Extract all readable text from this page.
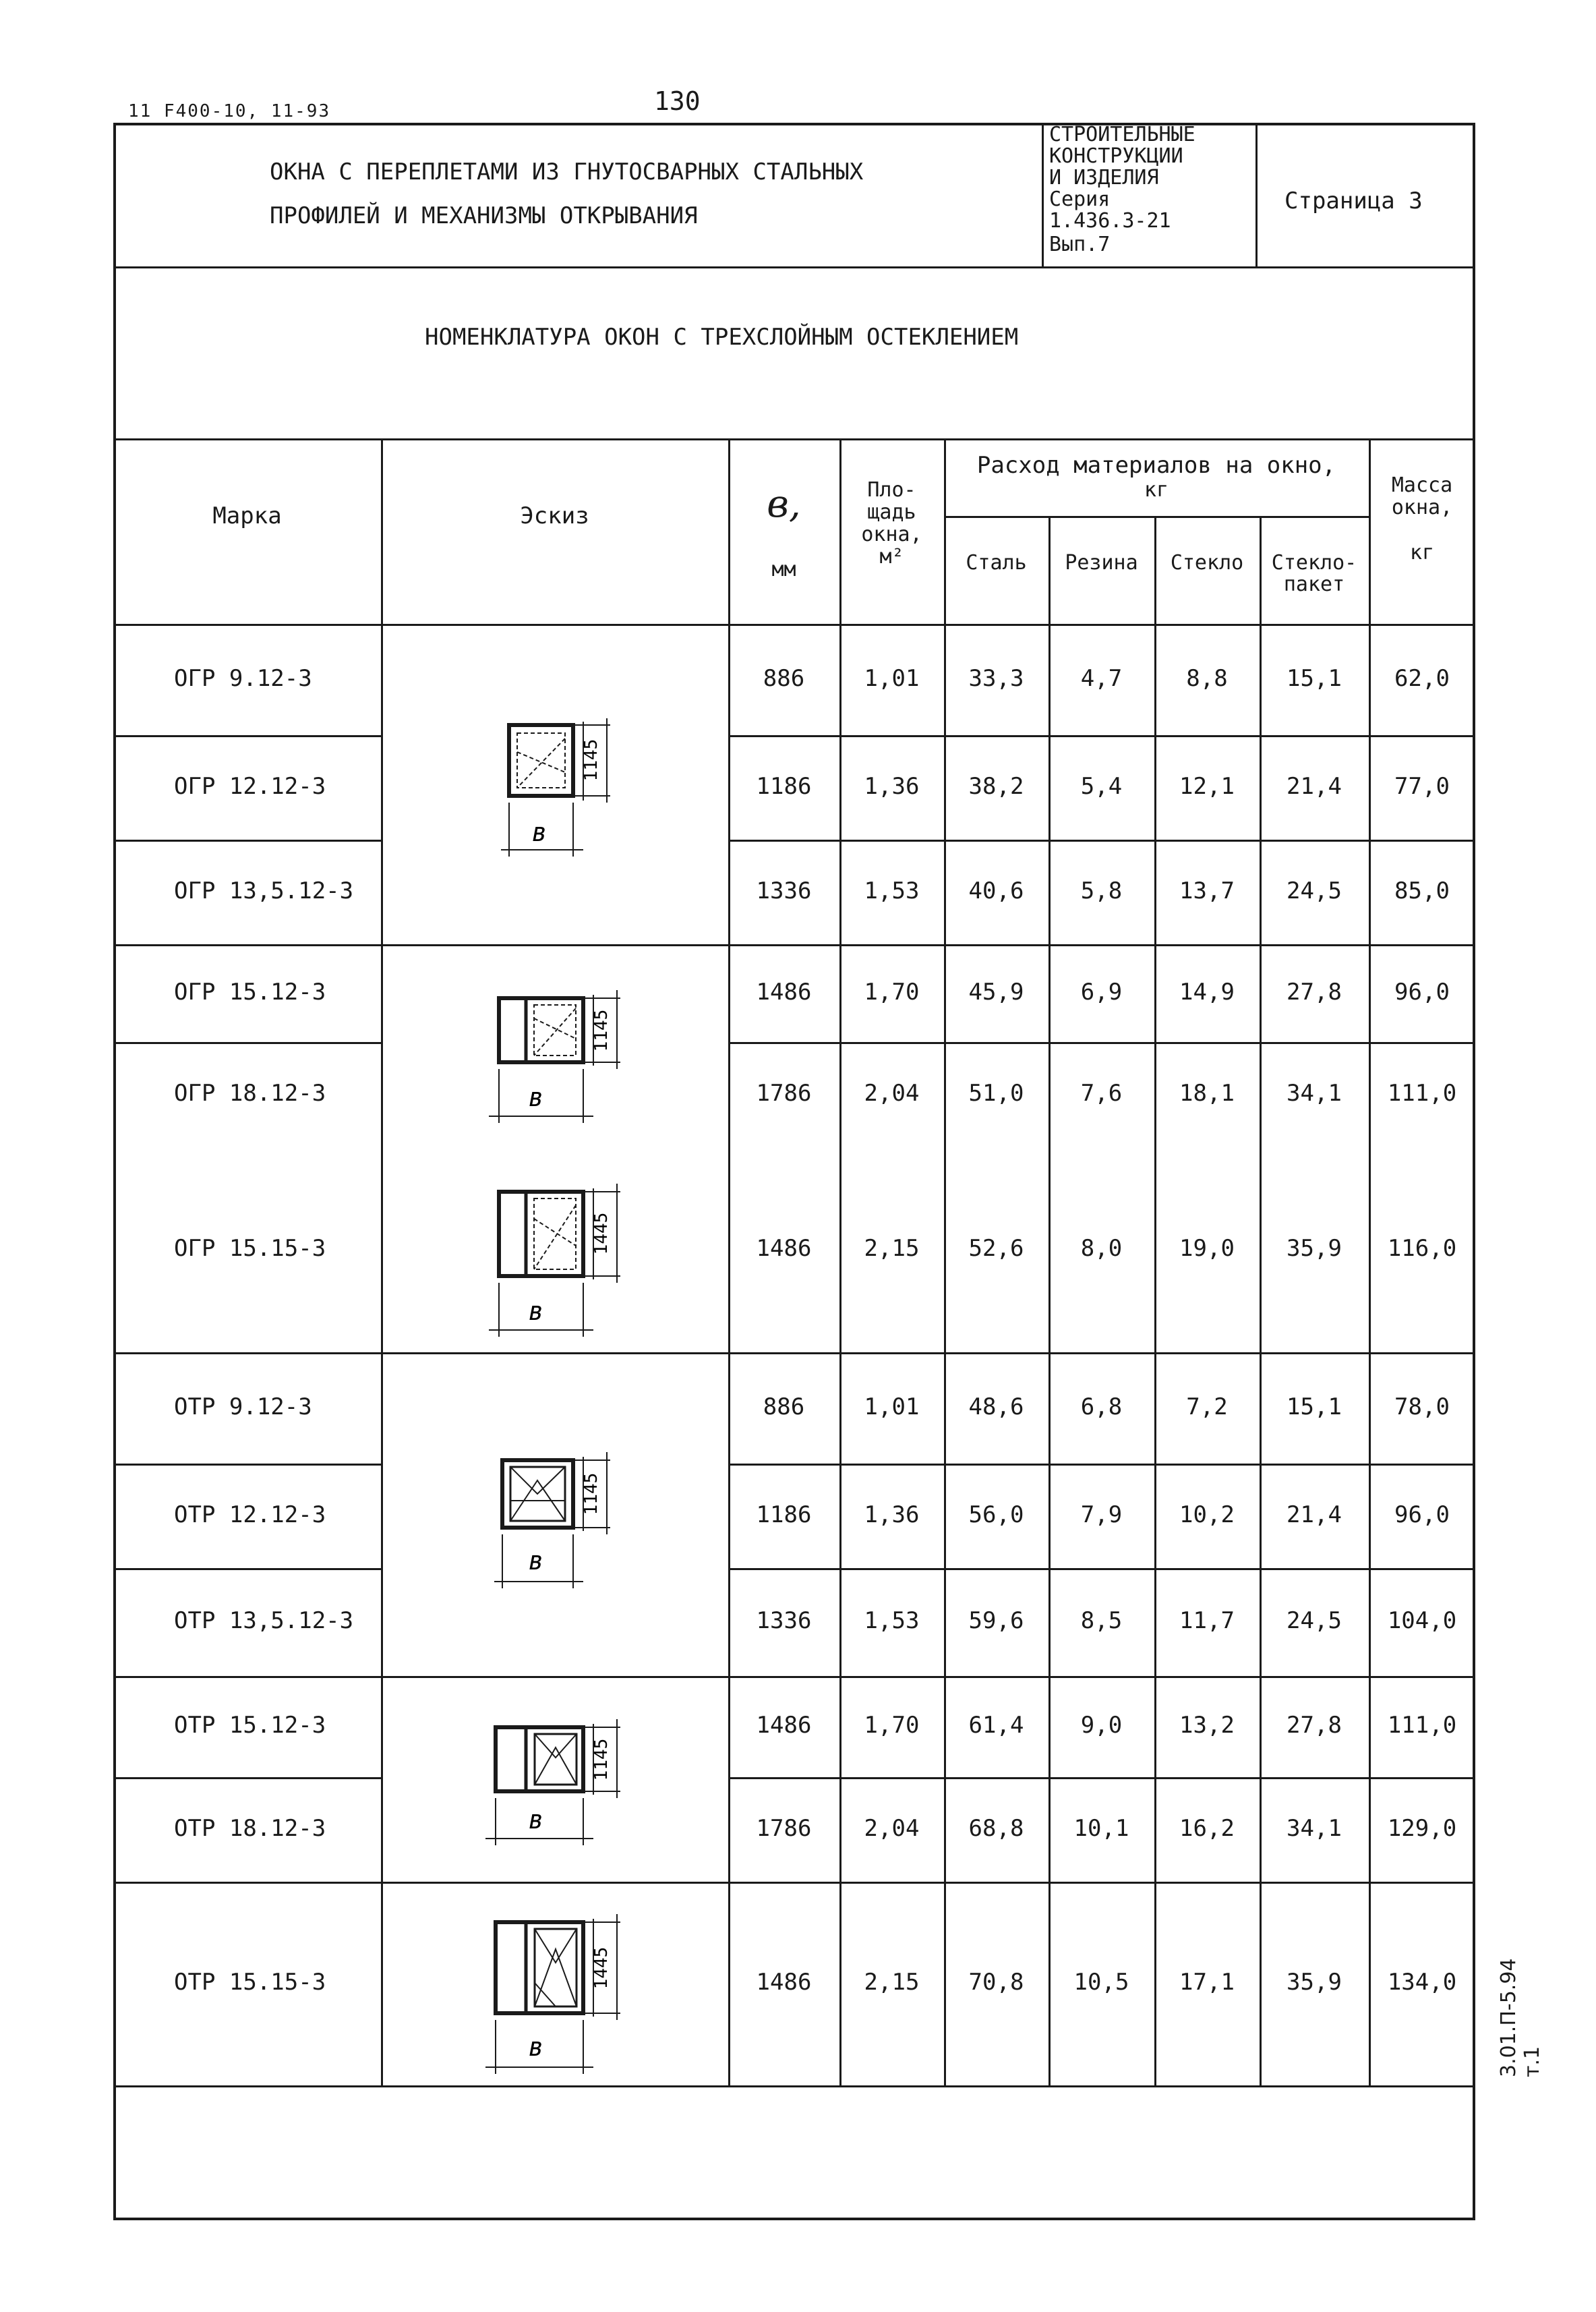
130
11 F400-10, 11-93
ОКНА С ПЕРЕПЛЕТАМИ ИЗ ГНУТОСВАРНЫХ СТАЛЬНЫХ
ПРОФИЛЕЙ И МЕХАНИЗМЫ ОТКРЫВАНИЯ
СТРОИТЕЛЬНЫЕ
КОНСТРУКЦИИ
И ИЗДЕЛИЯ
Серия
1.436.3-21
Вып.7
Страница 3
НОМЕНКЛАТУРА ОКОН С ТРЕХСЛОЙНЫМ ОСТЕКЛЕНИЕМ
Марка	Эскиз	в,
мм
Пло-
щадь
окна,
м²
Расход материалов на окно,
кг
Сталь	Резина	Стекло	Стекло-
пакет
Масса
окна,
кг
ОГР 9.12-3	886	1,01	33,3	4,7	8,8	15,1	62,0
ОГР 12.12-3	1186	1,36	38,2	5,4	12,1	21,4	77,0
ОГР 13,5.12-3	1336	1,53	40,6	5,8	13,7	24,5	85,0
ОГР 15.12-3	1486	1,70	45,9	6,9	14,9	27,8	96,0
ОГР 18.12-3	1786	2,04	51,0	7,6	18,1	34,1	111,0
ОГР 15.15-3	1486	2,15	52,6	8,0	19,0	35,9	116,0
ОТР 9.12-3	886	1,01	48,6	6,8	7,2	15,1	78,0
ОТР 12.12-3	1186	1,36	56,0	7,9	10,2	21,4	96,0
ОТР 13,5.12-3	1336	1,53	59,6	8,5	11,7	24,5	104,0
ОТР 15.12-3	1486	1,70	61,4	9,0	13,2	27,8	111,0
ОТР 18.12-3	1786	2,04	68,8	10,1	16,2	34,1	129,0
ОТР 15.15-3	1486	2,15	70,8	10,5	17,1	35,9	134,0
1145
в
1145
в
1445
в
1145
в
1145
в
1445
в	3.01.П-5.94 т.1
